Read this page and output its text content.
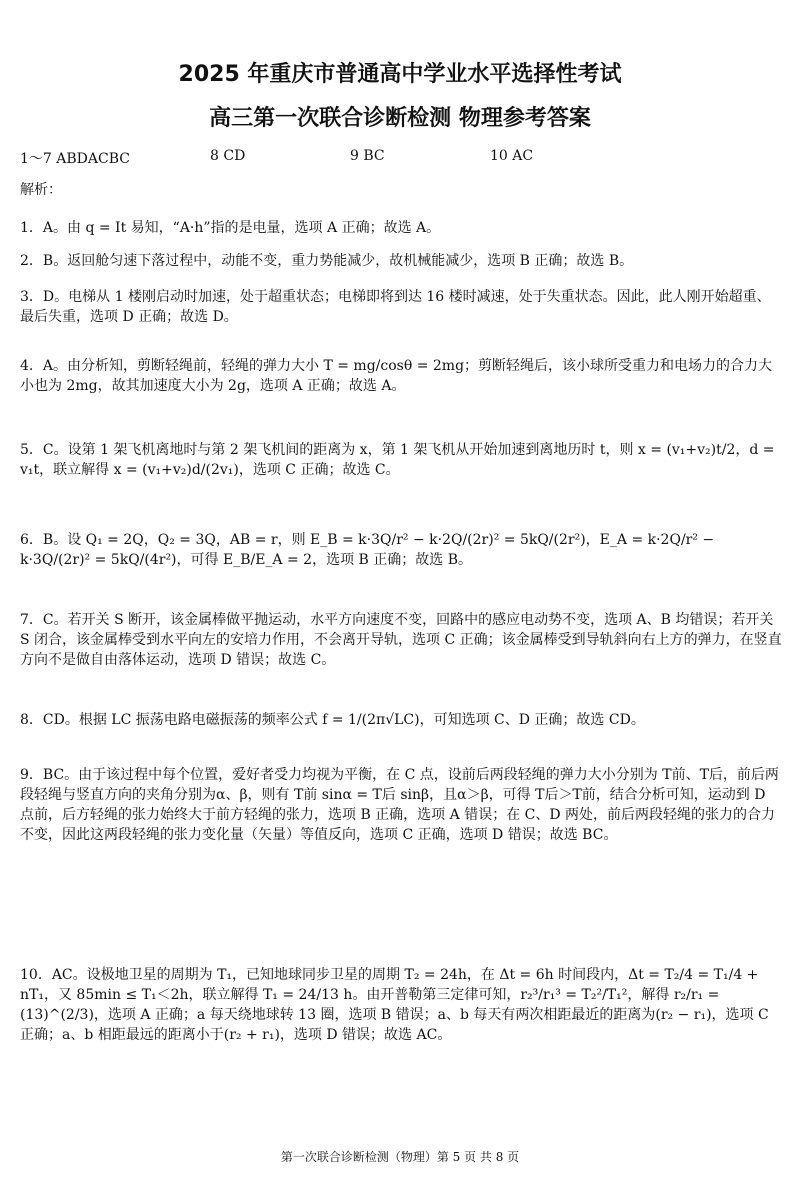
2025 年重庆市普通高中学业水平选择性考试
高三第一次联合诊断检测 物理参考答案
1～7 ABDACBC	8 CD	9 BC	10 AC
解析：

1．A。由 q = It 易知，“A·h”指的是电量，选项 A 正确；故选 A。

2．B。返回舱匀速下落过程中，动能不变，重力势能减少，故机械能减少，选项 B 正确；故选 B。

3．D。电梯从 1 楼刚启动时加速，处于超重状态；电梯即将到达 16 楼时减速，处于失重状态。因此，此人刚开始超重、最后失重，选项 D 正确；故选 D。

4．A。由分析知，剪断轻绳前，轻绳的弹力大小 T = mg/cosθ = 2mg；剪断轻绳后，该小球所受重力和电场力的合力大小也为 2mg，故其加速度大小为 2g，选项 A 正确；故选 A。

5．C。设第 1 架飞机离地时与第 2 架飞机间的距离为 x，第 1 架飞机从开始加速到离地历时 t，则 x = (v₁+v₂)t/2，d = v₁t，联立解得 x = (v₁+v₂)d/(2v₁)，选项 C 正确；故选 C。

6．B。设 Q₁ = 2Q，Q₂ = 3Q，AB = r，则 E_B = k·3Q/r² − k·2Q/(2r)² = 5kQ/(2r²)，E_A = k·2Q/r² − k·3Q/(2r)² = 5kQ/(4r²)，可得 E_B/E_A = 2，选项 B 正确；故选 B。

7．C。若开关 S 断开，该金属棒做平抛运动，水平方向速度不变，回路中的感应电动势不变，选项 A、B 均错误；若开关 S 闭合，该金属棒受到水平向左的安培力作用，不会离开导轨，选项 C 正确；该金属棒受到导轨斜向右上方的弹力，在竖直方向不是做自由落体运动，选项 D 错误；故选 C。

8．CD。根据 LC 振荡电路电磁振荡的频率公式 f = 1/(2π√LC)，可知选项 C、D 正确；故选 CD。

9．BC。由于该过程中每个位置，爱好者受力均视为平衡，在 C 点，设前后两段轻绳的弹力大小分别为 T前、T后，前后两段轻绳与竖直方向的夹角分别为α、β，则有 T前 sinα = T后 sinβ，且α＞β，可得 T后＞T前，结合分析可知，运动到 D 点前，后方轻绳的张力始终大于前方轻绳的张力，选项 B 正确，选项 A 错误；在 C、D 两处，前后两段轻绳的张力的合力不变，因此这两段轻绳的张力变化量（矢量）等值反向，选项 C 正确，选项 D 错误；故选 BC。

10．AC。设极地卫星的周期为 T₁，已知地球同步卫星的周期 T₂ = 24h，在 Δt = 6h 时间段内，Δt = T₂/4 = T₁/4 + nT₁，又 85min ≤ T₁＜2h，联立解得 T₁ = 24/13 h。由开普勒第三定律可知，r₂³/r₁³ = T₂²/T₁²，解得 r₂/r₁ = (13)^(2/3)，选项 A 正确；a 每天绕地球转 13 圈，选项 B 错误；a、b 每天有两次相距最近的距离为(r₂ − r₁)，选项 C 正确；a、b 相距最远的距离小于(r₂ + r₁)，选项 D 错误；故选 AC。

第一次联合诊断检测（物理）第 5 页 共 8 页
